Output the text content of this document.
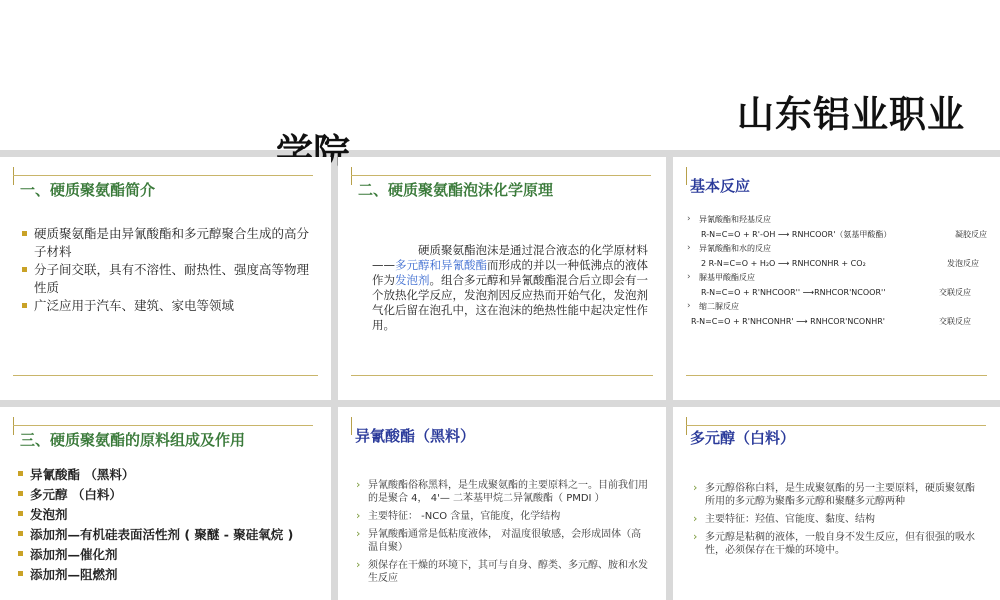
山东铝业职业
一、硬质聚氨酯简介
硬质聚氨酯是由异氰酸酯和多元醇聚合生成的高分子材料
分子间交联，具有不溶性、耐热性、强度高等物理性质
广泛应用于汽车、建筑、家电等领域
二、硬质聚氨酯泡沫化学原理
硬质聚氨酯泡沫是通过混合液态的化学原材料——多元醇和异氰酸酯而形成的并以一种低沸点的液体作为发泡剂。组合多元醇和异氰酸酯混合后立即会有一个放热化学反应，发泡剂因反应热而开始气化，发泡剂气化后留在泡孔中，这在泡沫的绝热性能中起决定性作用。
基本反应
› 异氰酸酯和羟基反应
R-N=C=O + R'-OH ⟶ RNHCOOR'（氨基甲酸酯）	凝胶反应
› 异氰酸酯和水的反应
2 R-N=C=O + H₂O ⟶ RNHCONHR + CO₂	发泡反应
› 脲基甲酸酯反应
R-N=C=O + R'NHCOOR'' ⟶RNHCOR'NCOOR''	交联反应
› 缩二脲反应
R-N=C=O + R'NHCONHR' ⟶ RNHCOR'NCONHR'	交联反应
三、硬质聚氨酯的原料组成及作用
异氰酸酯 （黑料）
多元醇 （白料）
发泡剂
添加剂—有机硅表面活性剂 ( 聚醚 - 聚硅氧烷 )
添加剂—催化剂
添加剂—阻燃剂
异氰酸酯（黑料）
› 异氰酸酯俗称黑料，是生成聚氨酯的主要原料之一。目前我们用的是聚合 4， 4'— 二苯基甲烷二异氰酸酯（ PMDI ）
› 主要特征： -NCO 含量，官能度，化学结构
› 异氰酸酯通常是低粘度液体， 对温度很敏感，会形成固体（高温自聚）
› 须保存在干燥的环境下，其可与自身、醇类、多元醇、胺和水发生反应
多元醇（白料）
› 多元醇俗称白料，是生成聚氨酯的另一主要原料，硬质聚氨酯所用的多元醇为聚酯多元醇和聚醚多元醇两种
› 主要特征：羟值、官能度、黏度、结构
› 多元醇是粘稠的液体，一般自身不发生反应，但有很强的吸水性，必须保存在干燥的环境中。
